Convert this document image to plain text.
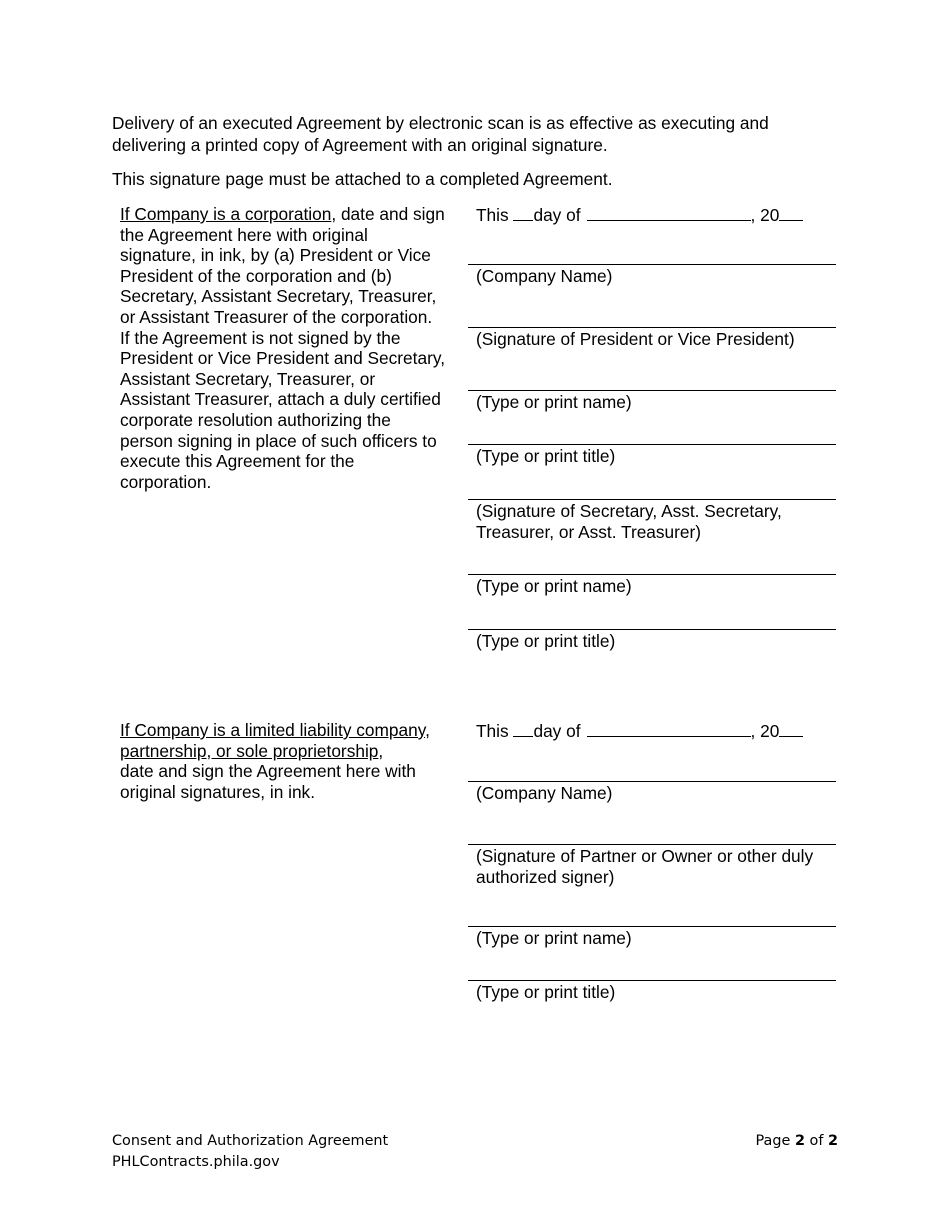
Delivery of an executed Agreement by electronic scan is as effective as executing and delivering a printed copy of Agreement with an original signature.

This signature page must be attached to a completed Agreement.

If Company is a corporation, date and sign the Agreement here with original signature, in ink, by (a) President or Vice President of the corporation and (b) Secretary, Assistant Secretary, Treasurer, or Assistant Treasurer of the corporation. If the Agreement is not signed by the President or Vice President and Secretary, Assistant Secretary, Treasurer, or Assistant Treasurer, attach a duly certified corporate resolution authorizing the person signing in place of such officers to execute this Agreement for the corporation.

This day of	, 20
(Company Name)
(Signature of President or Vice President)
(Type or print name)
(Type or print title)
(Signature of Secretary, Asst. Secretary, Treasurer, or Asst. Treasurer)
(Type or print name)
(Type or print title)

If Company is a limited liability company, partnership, or sole proprietorship,
date and sign the Agreement here with original signatures, in ink.

This day of	, 20
(Company Name)
(Signature of Partner or Owner or other duly authorized signer)
(Type or print name)
(Type or print title)
Consent and Authorization Agreement
PHLContracts.phila.gov
Page 2 of 2
